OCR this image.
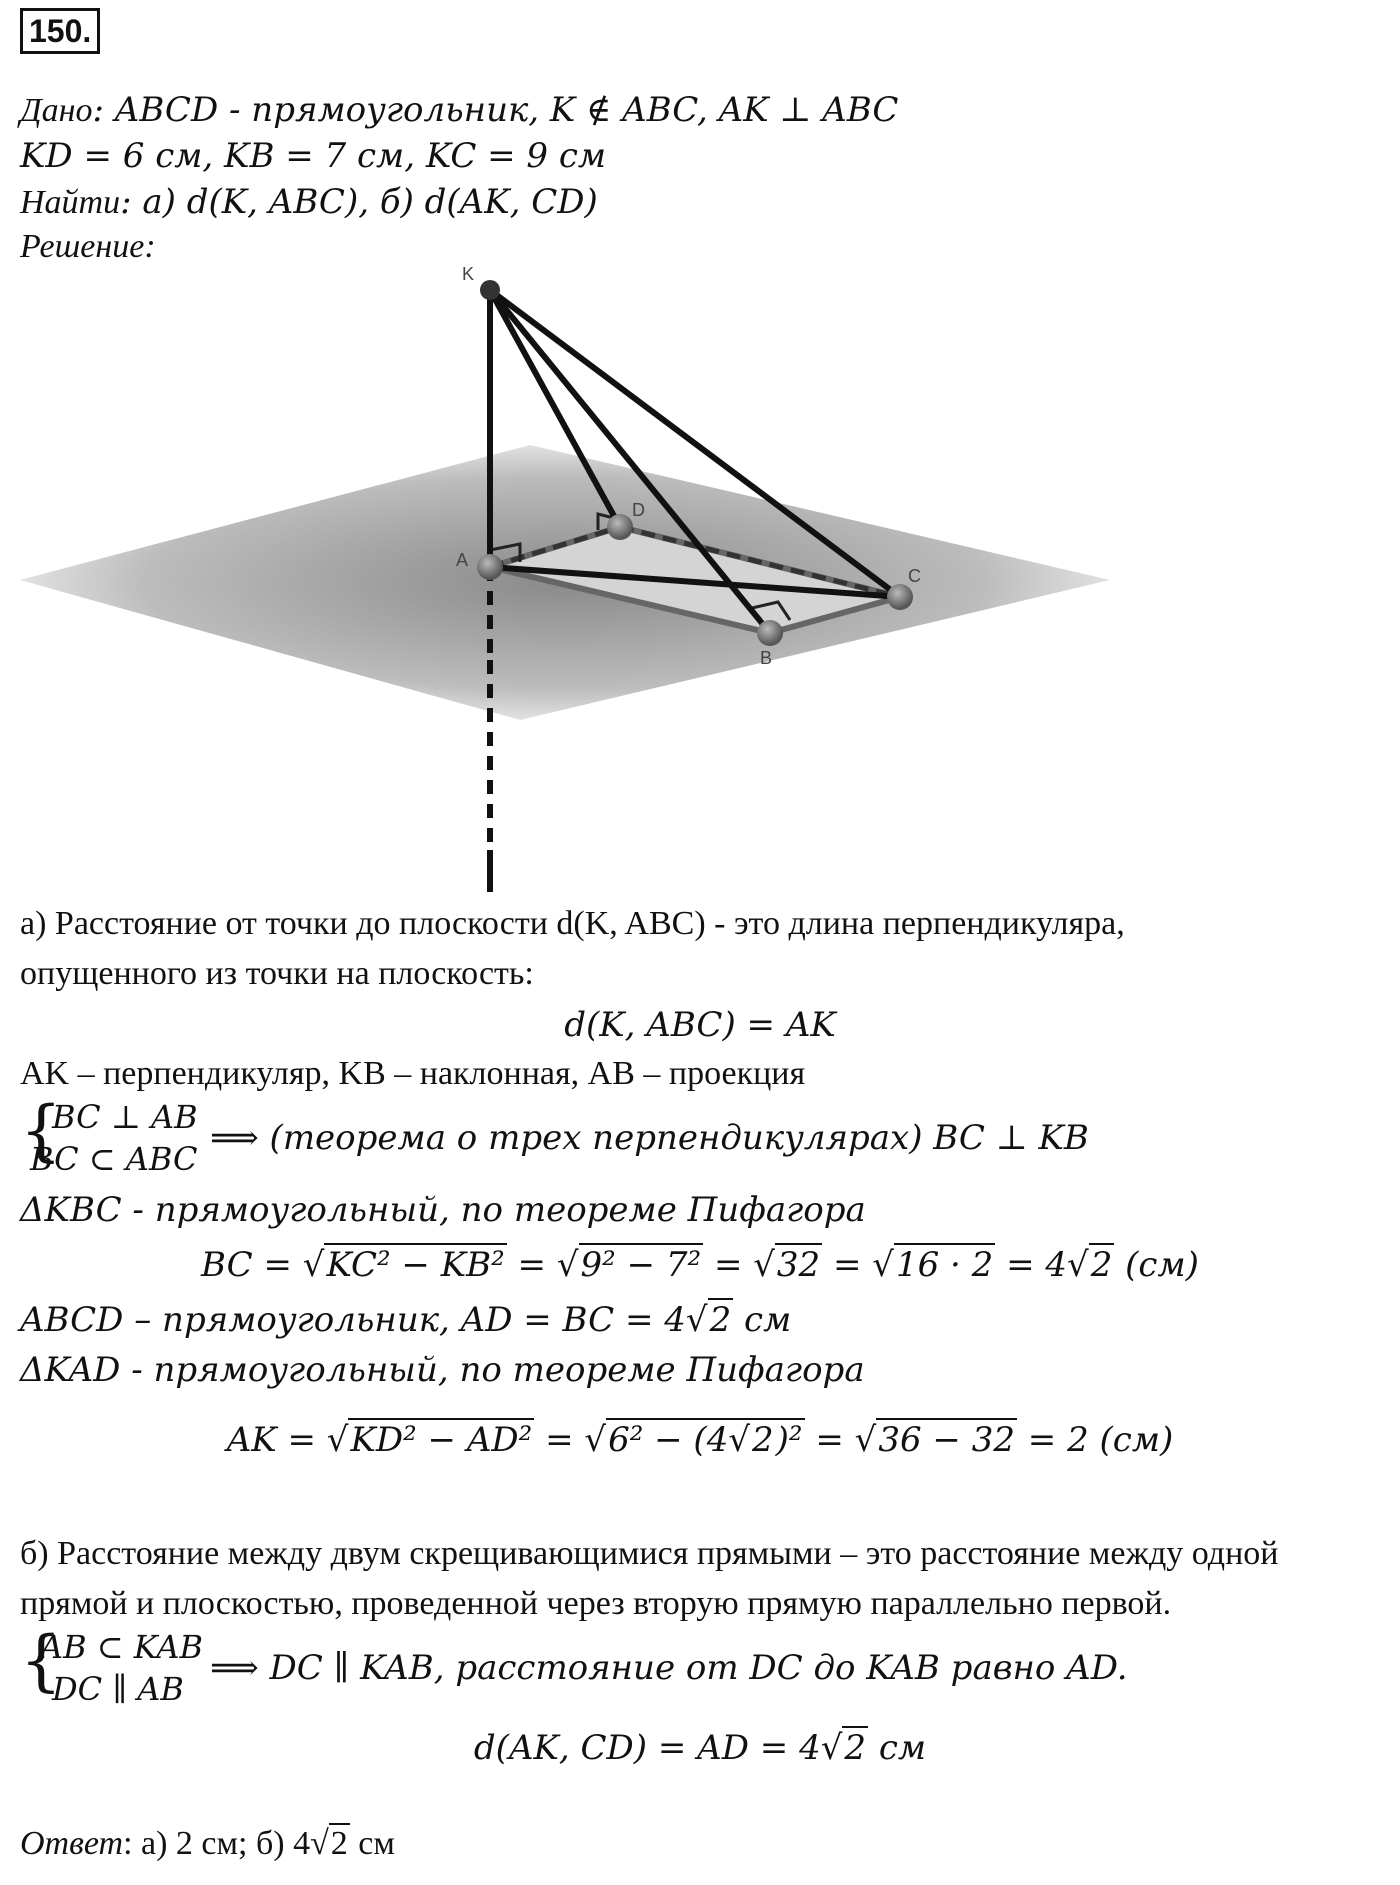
150.
Дано: ABCD - прямоугольник, K ∉ ABC, AK ⊥ ABC
KD = 6 см, KB = 7 см, KC = 9 см
Найти: а) d(K, ABC), б) d(AK, CD)
Решение:
K
A
D
B
C
а) Расстояние от точки до плоскости d(K, ABC) - это длина перпендикуляра,
опущенного из точки на плоскость:
d(K, ABC) = AK
AK – перпендикуляр, KB – наклонная, AB – проекция
{
BC ⊥ AB
BC ⊂ ABC
⟹ (теорема о трех перпендикулярах) BC ⊥ KB
ΔKBC - прямоугольный, по теореме Пифагора
BC = √KC² − KB² = √9² − 7² = √32 = √16 · 2 = 4√2 (см)
ABCD – прямоугольник, AD = BC = 4√2 см
ΔKAD - прямоугольный, по теореме Пифагора
AK = √KD² − AD² = √6² − (4√2)² = √36 − 32 = 2 (см)
б) Расстояние между двум скрещивающимися прямыми – это расстояние между одной
прямой и плоскостью, проведенной через вторую прямую параллельно первой.
{
AB ⊂ KAB
DC ∥ AB
⟹ DC ∥ KAB, расстояние от DC до KAB равно AD.
d(AK, CD) = AD = 4√2 см
Ответ: а) 2 см; б) 4√2 см
